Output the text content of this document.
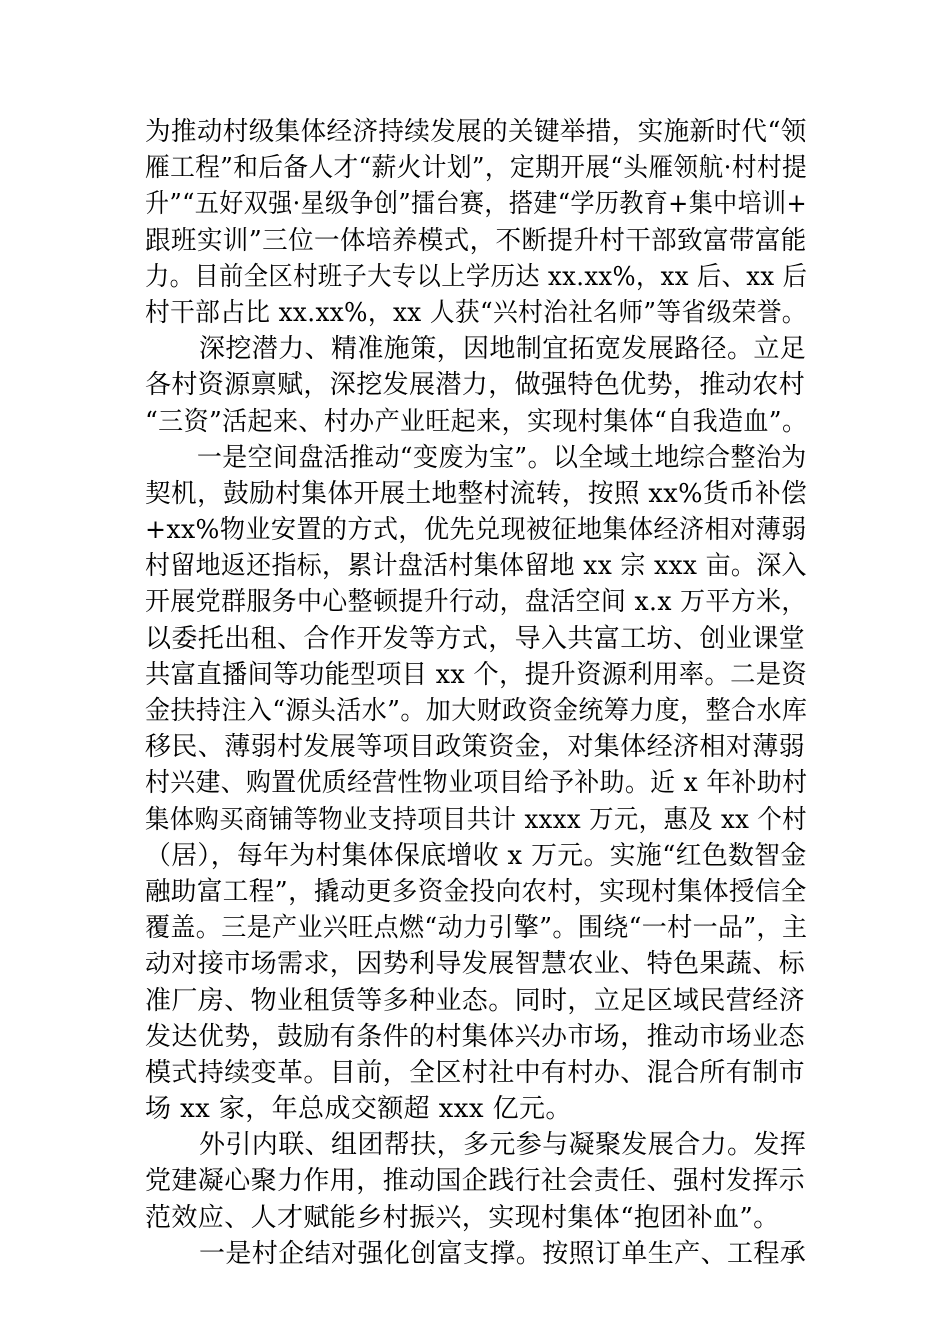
为推动村级集体经济持续发展的关键举措，实施新时代“领
雁工程”和后备人才“薪火计划”，定期开展“头雁领航·村村提
升”“五好双强·星级争创”擂台赛，搭建“学历教育+集中培训+
跟班实训”三位一体培养模式，不断提升村干部致富带富能
力。目前全区村班子大专以上学历达 xx.xx%，xx 后、xx 后
村干部占比 xx.xx%，xx 人获“兴村治社名师”等省级荣誉。
深挖潜力、精准施策，因地制宜拓宽发展路径。立足
各村资源禀赋，深挖发展潜力，做强特色优势，推动农村
“三资”活起来、村办产业旺起来，实现村集体“自我造血”。
一是空间盘活推动“变废为宝”。以全域土地综合整治为
契机，鼓励村集体开展土地整村流转，按照 xx%货币补偿
+xx%物业安置的方式，优先兑现被征地集体经济相对薄弱
村留地返还指标，累计盘活村集体留地 xx 宗 xxx 亩。深入
开展党群服务中心整顿提升行动，盘活空间 x.x 万平方米，
以委托出租、合作开发等方式，导入共富工坊、创业课堂
共富直播间等功能型项目 xx 个，提升资源利用率。二是资
金扶持注入“源头活水”。加大财政资金统筹力度，整合水库
移民、薄弱村发展等项目政策资金，对集体经济相对薄弱
村兴建、购置优质经营性物业项目给予补助。近 x 年补助村
集体购买商铺等物业支持项目共计 xxxx 万元，惠及 xx 个村
（居），每年为村集体保底增收 x 万元。实施“红色数智金
融助富工程”，撬动更多资金投向农村，实现村集体授信全
覆盖。三是产业兴旺点燃“动力引擎”。围绕“一村一品”，主
动对接市场需求，因势利导发展智慧农业、特色果蔬、标
准厂房、物业租赁等多种业态。同时，立足区域民营经济
发达优势，鼓励有条件的村集体兴办市场，推动市场业态
模式持续变革。目前，全区村社中有村办、混合所有制市
场 xx 家，年总成交额超 xxx 亿元。
外引内联、组团帮扶，多元参与凝聚发展合力。发挥
党建凝心聚力作用，推动国企践行社会责任、强村发挥示
范效应、人才赋能乡村振兴，实现村集体“抱团补血”。
一是村企结对强化创富支撑。按照订单生产、工程承
